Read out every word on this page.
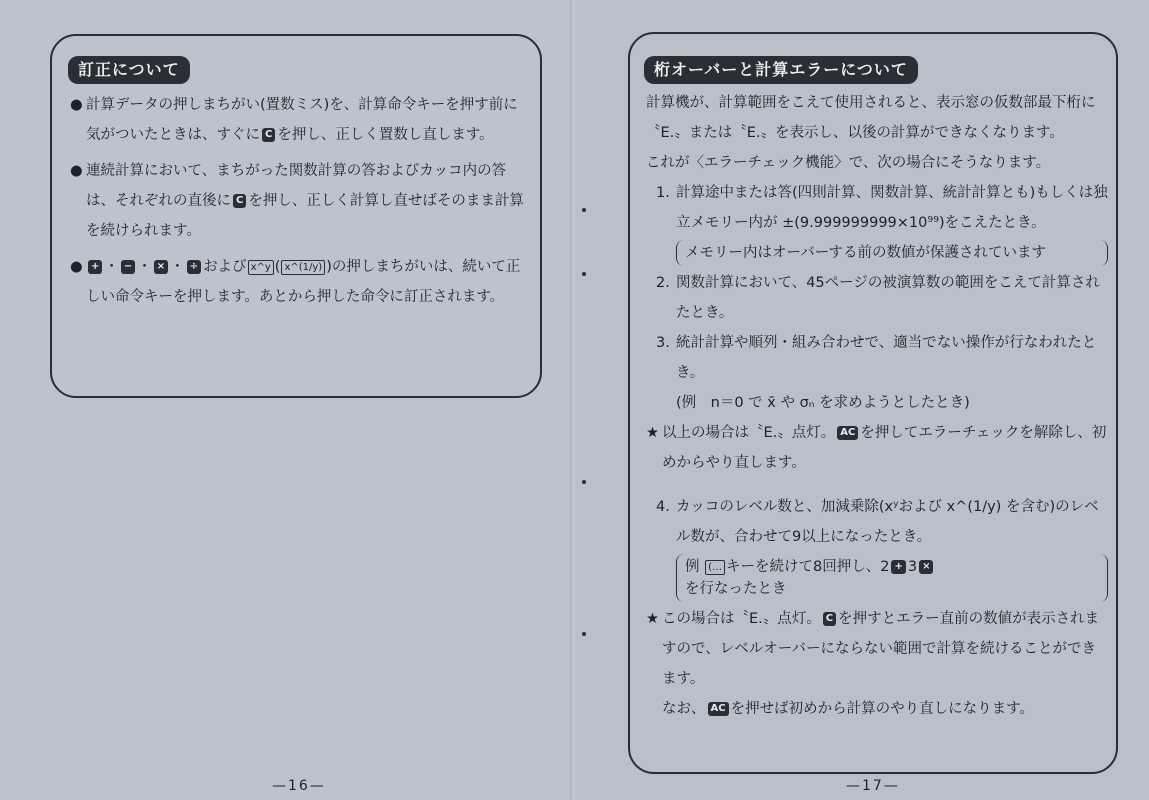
訂正について
● 計算データの押しまちがい(置数ミス)を、計算命令キーを押す前に気がついたときは、すぐに C を押し、正しく置数し直します。
● 連続計算において、まちがった関数計算の答およびカッコ内の答は、それぞれの直後に C を押し、正しく計算し直せばそのまま計算を続けられます。
● + ・ − ・ × ・ ÷ および x^y ( x^(1/y) )の押しまちがいは、続いて正しい命令キーを押します。あとから押した命令に訂正されます。
—16—
桁オーバーと計算エラーについて
計算機が、計算範囲をこえて使用されると、表示窓の仮数部最下桁に〝E.〟または〝E.〟を表示し、以後の計算ができなくなります。
これが〈エラーチェック機能〉で、次の場合にそうなります。
1. 計算途中または答(四則計算、関数計算、統計計算とも)もしくは独立メモリー内が ±(9.999999999×10⁹⁹)をこえたとき。
メモリー内はオーバーする前の数値が保護されています
2. 関数計算において、45ページの被演算数の範囲をこえて計算されたとき。
3. 統計計算や順列・組み合わせで、適当でない操作が行なわれたとき。
(例　n＝0 で x̄ や σₙ を求めようとしたとき)
★ 以上の場合は〝E.〟点灯。 AC を押してエラーチェックを解除し、初めからやり直します。
4. カッコのレベル数と、加減乗除(xʸおよび x^(1/y) を含む)のレベル数が、合わせて9以上になったとき。
例 (… キーを続けて8回押し、2 + 3 ×
を行なったとき
★ この場合は〝E.〟点灯。 C を押すとエラー直前の数値が表示されますので、レベルオーバーにならない範囲で計算を続けることができます。
なお、 AC を押せば初めから計算のやり直しになります。
—17—
